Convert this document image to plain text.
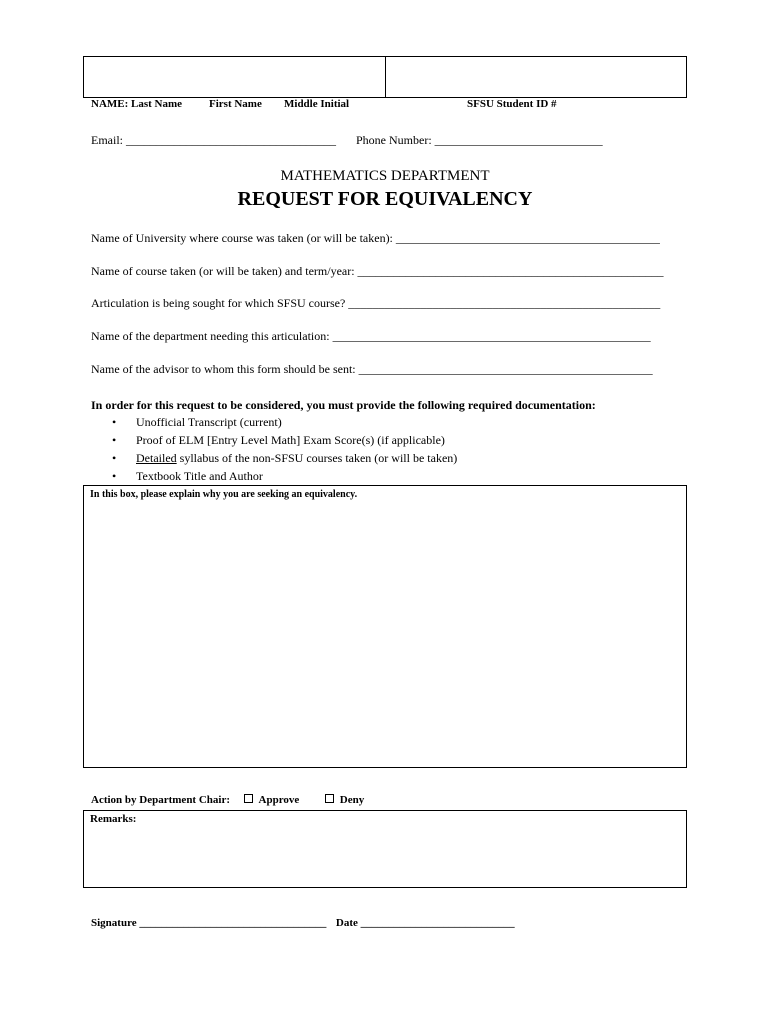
NAME: Last Name First Name Middle Initial	SFSU Student ID #
Email: ___________________________________ Phone Number: ____________________________
MATHEMATICS DEPARTMENT
REQUEST FOR EQUIVALENCY
Name of University where course was taken (or will be taken): ____________________________________________
Name of course taken (or will be taken) and term/year: ___________________________________________________
Articulation is being sought for which SFSU course? ____________________________________________________
Name of the department needing this articulation: _____________________________________________________
Name of the advisor to whom this form should be sent: _________________________________________________
In order for this request to be considered, you must provide the following required documentation:
• Unofficial Transcript (current)
• Proof of ELM [Entry Level Math] Exam Score(s) (if applicable)
• Detailed syllabus of the non-SFSU courses taken (or will be taken)
• Textbook Title and Author
In this box, please explain why you are seeking an equivalency.
Action by Department Chair:	Approve	Deny
Remarks:
Signature __________________________________ Date ____________________________
